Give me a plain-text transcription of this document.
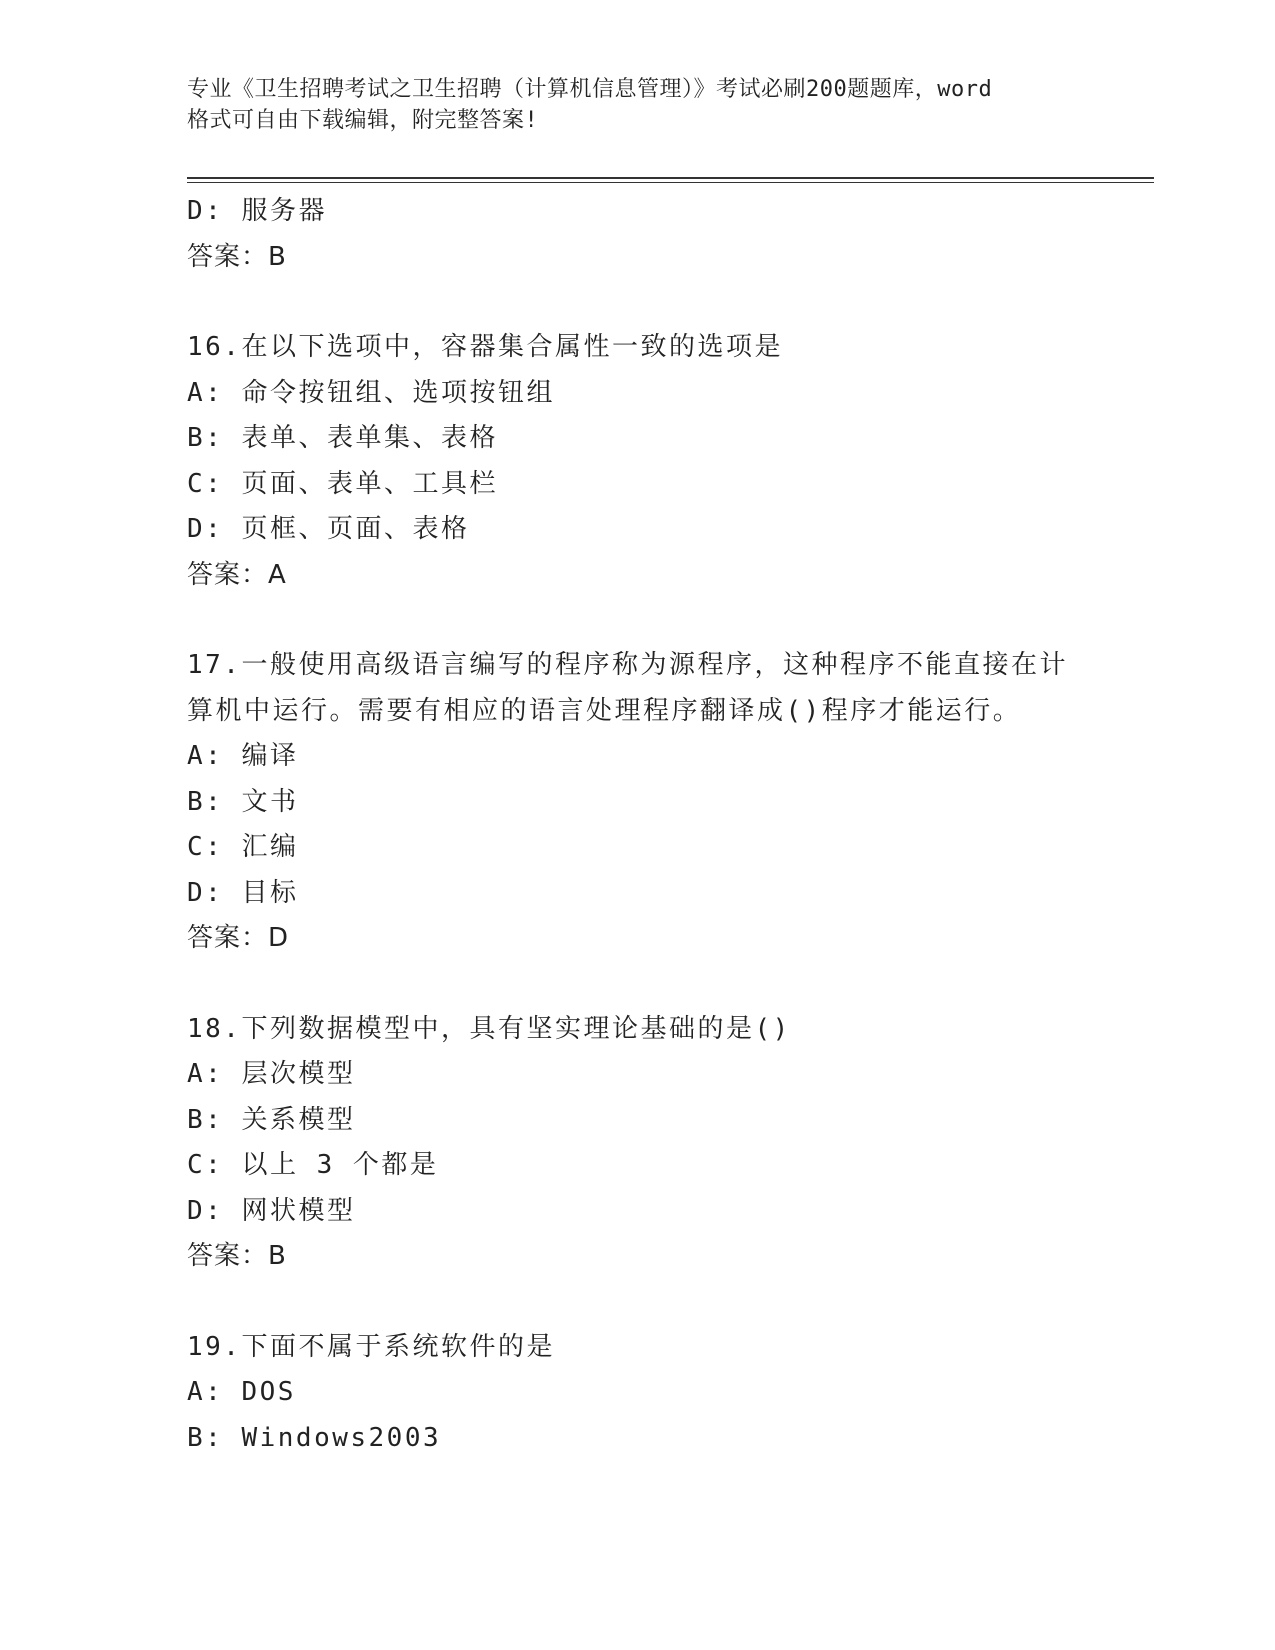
专业《卫生招聘考试之卫生招聘（计算机信息管理）》考试必刷200题题库，word
格式可自由下载编辑，附完整答案!
D: 服务器
答案：B
16.在以下选项中，容器集合属性一致的选项是
A: 命令按钮组、选项按钮组
B: 表单、表单集、表格
C: 页面、表单、工具栏
D: 页框、页面、表格
答案：A
17.一般使用高级语言编写的程序称为源程序，这种程序不能直接在计
算机中运行。需要有相应的语言处理程序翻译成()程序才能运行。
A: 编译
B: 文书
C: 汇编
D: 目标
答案：D
18.下列数据模型中，具有坚实理论基础的是()
A: 层次模型
B: 关系模型
C: 以上 3 个都是
D: 网状模型
答案：B
19.下面不属于系统软件的是
A: DOS
B: Windows2003
